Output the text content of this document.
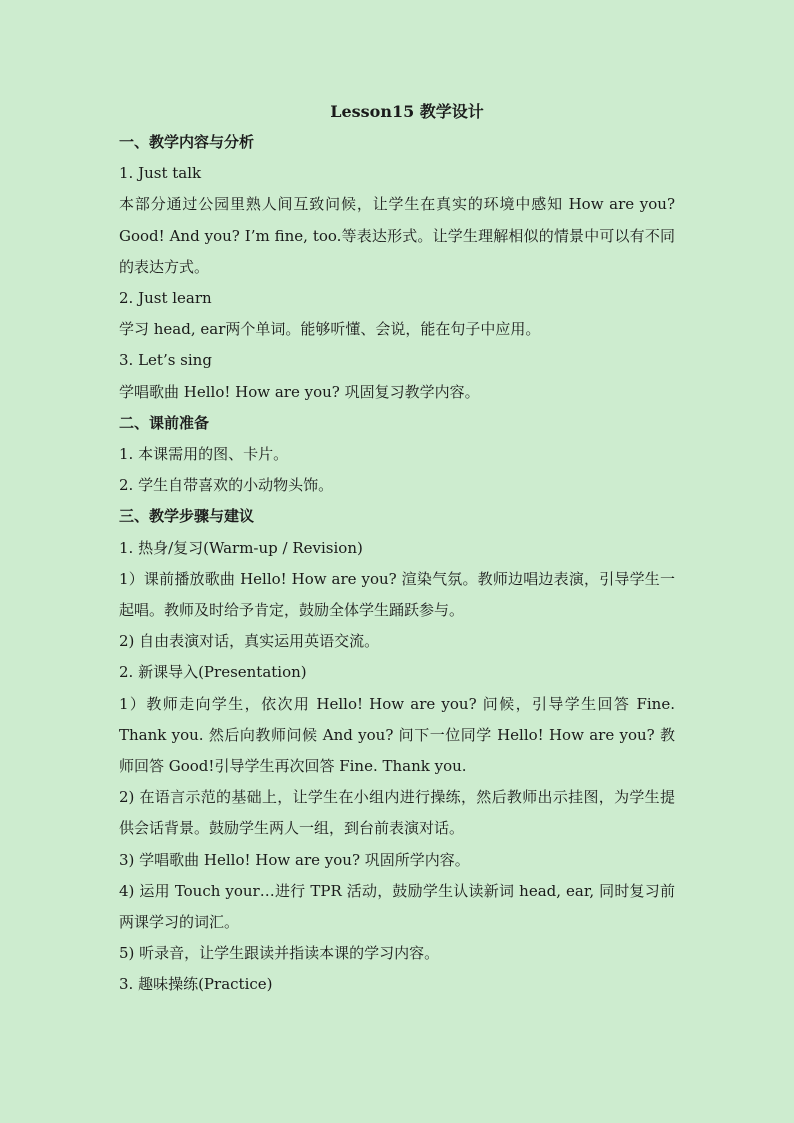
Lesson15 教学设计

一、教学内容与分析

1. Just talk

本部分通过公园里熟人间互致问候，让学生在真实的环境中感知 How are you? Good! And you? I’m fine, too.等表达形式。让学生理解相似的情景中可以有不同的表达方式。

2. Just learn

学习 head, ear两个单词。能够听懂、会说，能在句子中应用。

3. Let’s sing

学唱歌曲 Hello! How are you? 巩固复习教学内容。

二、课前准备

1. 本课需用的图、卡片。

2. 学生自带喜欢的小动物头饰。

三、教学步骤与建议

1. 热身/复习(Warm-up / Revision)

1）课前播放歌曲 Hello! How are you? 渲染气氛。教师边唱边表演，引导学生一起唱。教师及时给予肯定，鼓励全体学生踊跃参与。

2) 自由表演对话，真实运用英语交流。

2. 新课导入(Presentation)

1）教师走向学生，依次用 Hello! How are you? 问候，引导学生回答 Fine. Thank you. 然后向教师问候 And you? 问下一位同学 Hello! How are you? 教师回答 Good!引导学生再次回答 Fine. Thank you.

2) 在语言示范的基础上，让学生在小组内进行操练，然后教师出示挂图，为学生提供会话背景。鼓励学生两人一组，到台前表演对话。

3) 学唱歌曲 Hello! How are you? 巩固所学内容。

4) 运用 Touch your…进行 TPR 活动，鼓励学生认读新词 head, ear, 同时复习前两课学习的词汇。

5) 听录音，让学生跟读并指读本课的学习内容。

3. 趣味操练(Practice)
